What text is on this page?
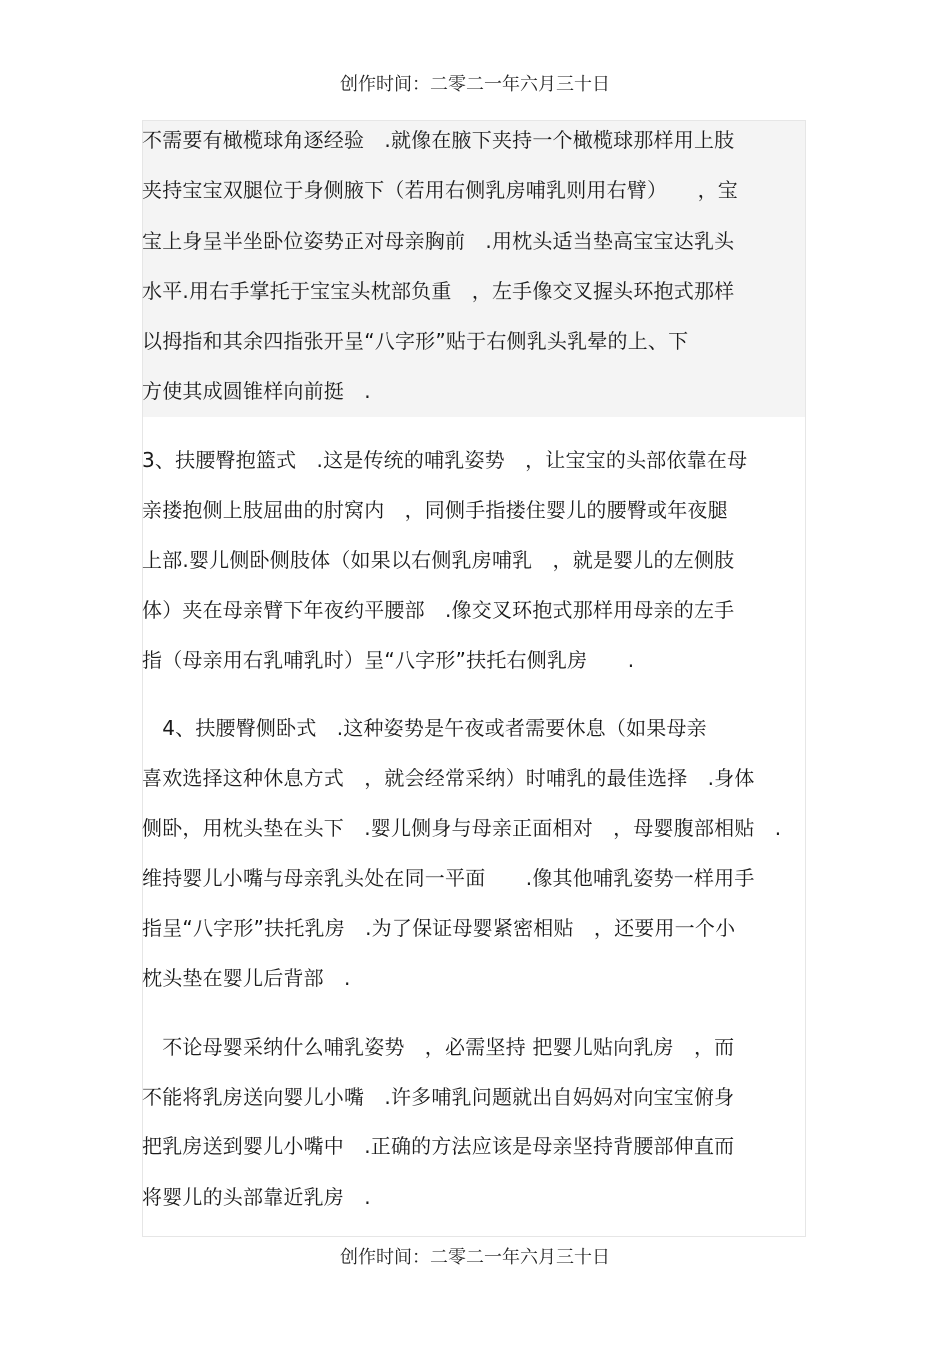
创作时间：二零二一年六月三十日
不需要有橄榄球角逐经验　.就像在腋下夹持一个橄榄球那样用上肢
夹持宝宝双腿位于身侧腋下（若用右侧乳房哺乳则用右臂）　　，宝
宝上身呈半坐卧位姿势正对母亲胸前　.用枕头适当垫高宝宝达乳头
水平.用右手掌托于宝宝头枕部负重　，左手像交叉握头环抱式那样
以拇指和其余四指张开呈“八字形”贴于右侧乳头乳晕的上、下
方使其成圆锥样向前挺　.
3、扶腰臀抱篮式　.这是传统的哺乳姿势　，让宝宝的头部依靠在母
亲搂抱侧上肢屈曲的肘窝内　，同侧手指搂住婴儿的腰臀或年夜腿
上部.婴儿侧卧侧肢体（如果以右侧乳房哺乳　，就是婴儿的左侧肢
体）夹在母亲臂下年夜约平腰部　.像交叉环抱式那样用母亲的左手
指（母亲用右乳哺乳时）呈“八字形”扶托右侧乳房　　.
　4、扶腰臀侧卧式　.这种姿势是午夜或者需要休息（如果母亲
喜欢选择这种休息方式　，就会经常采纳）时哺乳的最佳选择　.身体
侧卧，用枕头垫在头下　.婴儿侧身与母亲正面相对　，母婴腹部相贴　.
维持婴儿小嘴与母亲乳头处在同一平面　　.像其他哺乳姿势一样用手
指呈“八字形”扶托乳房　.为了保证母婴紧密相贴　，还要用一个小
枕头垫在婴儿后背部　.
　不论母婴采纳什么哺乳姿势　，必需坚持 把婴儿贴向乳房　，而
不能将乳房送向婴儿小嘴　.许多哺乳问题就出自妈妈对向宝宝俯身
把乳房送到婴儿小嘴中　.正确的方法应该是母亲坚持背腰部伸直而
将婴儿的头部靠近乳房　.
创作时间：二零二一年六月三十日
